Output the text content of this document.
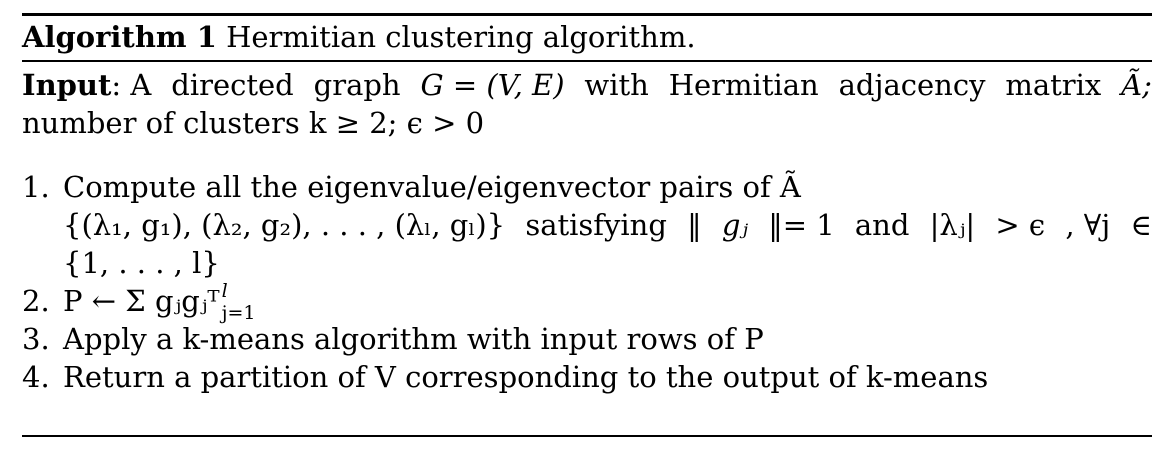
Algorithm 1 Hermitian clustering algorithm.
Input: A directed graph G = (V, E) with Hermitian adjacency matrix Ã;
number of clusters k ≥ 2; ϵ > 0
1. Compute all the eigenvalue/eigenvector pairs of Ã
{(λ₁, g₁), (λ₂, g₂), . . . , (λₗ, gₗ)} satisfying ‖ gⱼ ‖= 1 and |λⱼ| > ϵ , ∀j ∈
{1, . . . , l}
2. P ← Σ gⱼgⱼᵀ l
j=1
3. Apply a k-means algorithm with input rows of P
4. Return a partition of V corresponding to the output of k-means
